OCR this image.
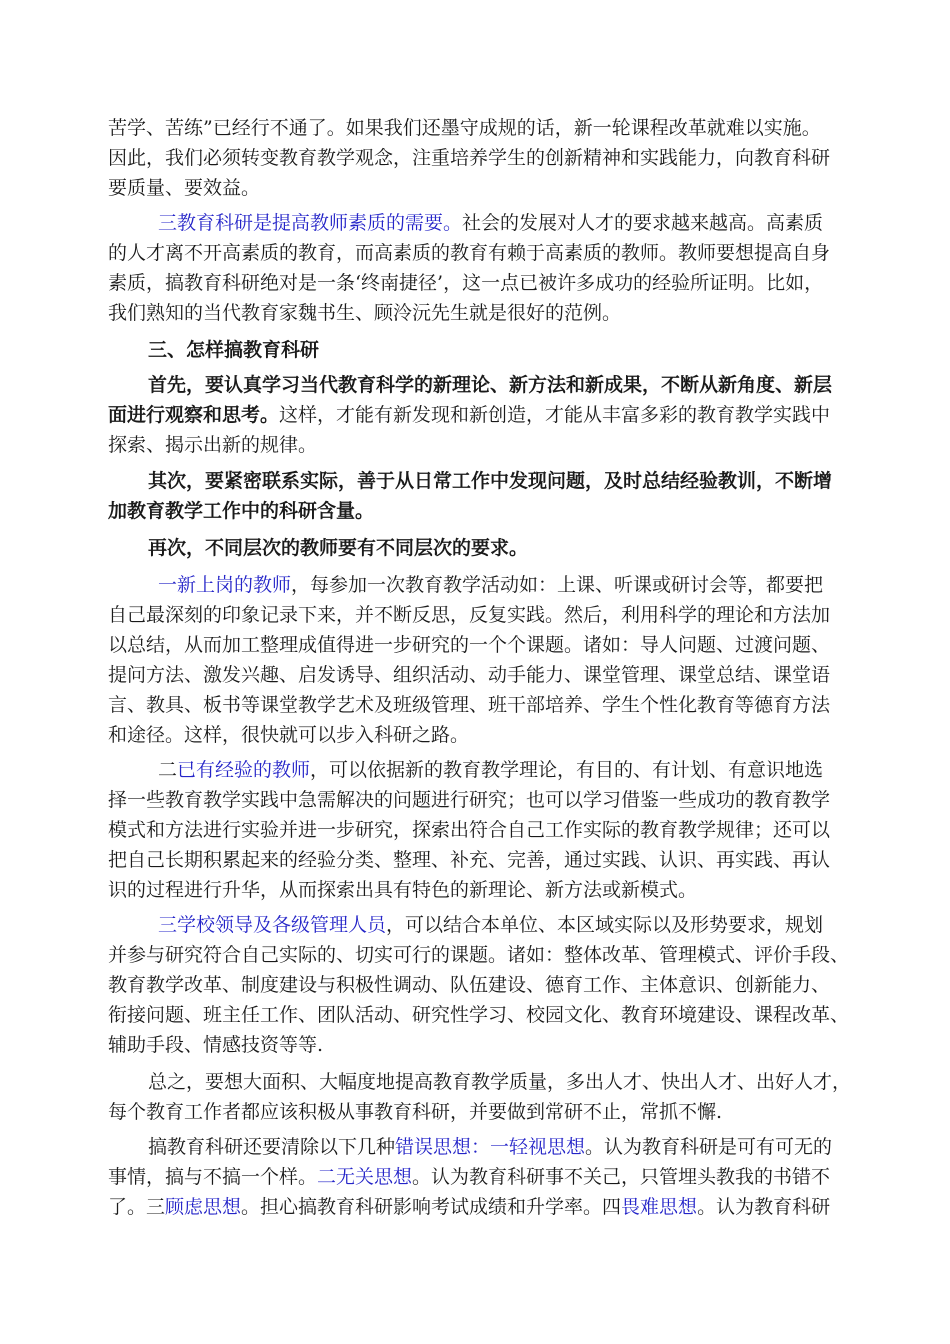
苦学、苦练”已经行不通了。如果我们还墨守成规的话，新一轮课程改革就难以实施。
因此，我们必须转变教育教学观念，注重培养学生的创新精神和实践能力，向教育科研
要质量、要效益。
三教育科研是提高教师素质的需要。社会的发展对人才的要求越来越高。高素质
的人才离不开高素质的教育，而高素质的教育有赖于高素质的教师。教师要想提高自身
素质，搞教育科研绝对是一条‘终南捷径’，这一点已被许多成功的经验所证明。比如，
我们熟知的当代教育家魏书生、顾泠沅先生就是很好的范例。
三、怎样搞教育科研
首先，要认真学习当代教育科学的新理论、新方法和新成果，不断从新角度、新层
面进行观察和思考。这样，才能有新发现和新创造，才能从丰富多彩的教育教学实践中
探索、揭示出新的规律。
其次，要紧密联系实际，善于从日常工作中发现问题，及时总结经验教训，不断增
加教育教学工作中的科研含量。
再次，不同层次的教师要有不同层次的要求。
一新上岗的教师，每参加一次教育教学活动如：上课、听课或研讨会等，都要把
自己最深刻的印象记录下来，并不断反思，反复实践。然后，利用科学的理论和方法加
以总结，从而加工整理成值得进一步研究的一个个课题。诸如：导人问题、过渡问题、
提问方法、激发兴趣、启发诱导、组织活动、动手能力、课堂管理、课堂总结、课堂语
言、教具、板书等课堂教学艺术及班级管理、班干部培养、学生个性化教育等德育方法
和途径。这样，很快就可以步入科研之路。
二已有经验的教师，可以依据新的教育教学理论，有目的、有计划、有意识地选
择一些教育教学实践中急需解决的问题进行研究；也可以学习借鉴一些成功的教育教学
模式和方法进行实验并进一步研究，探索出符合自己工作实际的教育教学规律；还可以
把自己长期积累起来的经验分类、整理、补充、完善，通过实践、认识、再实践、再认
识的过程进行升华，从而探索出具有特色的新理论、新方法或新模式。
三学校领导及各级管理人员，可以结合本单位、本区域实际以及形势要求，规划
并参与研究符合自己实际的、切实可行的课题。诸如：整体改革、管理模式、评价手段、
教育教学改革、制度建设与积极性调动、队伍建设、德育工作、主体意识、创新能力、
衔接问题、班主任工作、团队活动、研究性学习、校园文化、教育环境建设、课程改革、
辅助手段、情感技资等等.
总之，要想大面积、大幅度地提高教育教学质量，多出人才、快出人才、出好人才，
每个教育工作者都应该积极从事教育科研，并要做到常研不止，常抓不懈.
搞教育科研还要清除以下几种错误思想：一轻视思想。认为教育科研是可有可无的
事情，搞与不搞一个样。二无关思想。认为教育科研事不关己，只管埋头教我的书错不
了。三顾虑思想。担心搞教育科研影响考试成绩和升学率。四畏难思想。认为教育科研
